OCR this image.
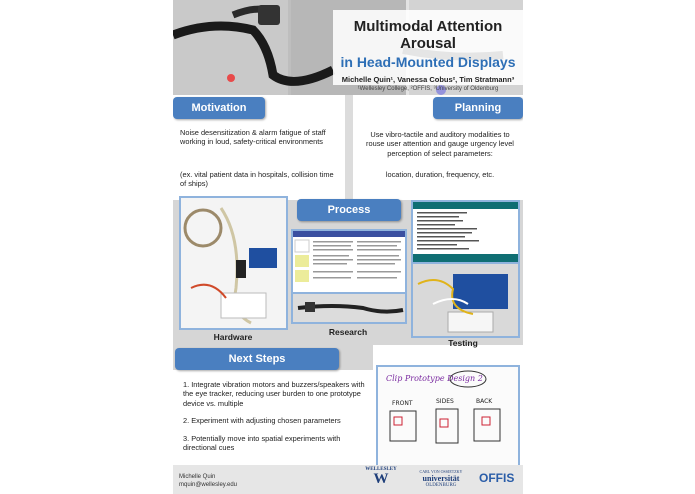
Multimodal Attention Arousal
in Head-Mounted Displays
Michelle Quin¹, Vanessa Cobus², Tim Stratmann³
¹Wellesley College, ²OFFIS, ³University of Oldenburg
Motivation
Noise desensitization & alarm fatigue of staff working in loud, safety-critical environments
(ex. vital patient data in hospitals, collision time of ships)
Planning
Use vibro-tactile and auditory modalities to rouse user attention and gauge urgency level perception of select parameters:
location, duration, frequency, etc.
Hardware
Process
Research
Testing
Next Steps

1. Integrate vibration motors and buzzers/speakers with the eye tracker, reducing user burden to one prototype device vs. multiple

2. Experiment with adjusting chosen parameters

3. Potentially move into spatial experiments with directional cues

Clip Prototype Design 2
FRONT	SIDES	BACK
Michelle Quin
mquin@wellesley.edu
WELLESLEY
W	CARL VON OSSIETZKY
universität
OLDENBURG
OFFIS
